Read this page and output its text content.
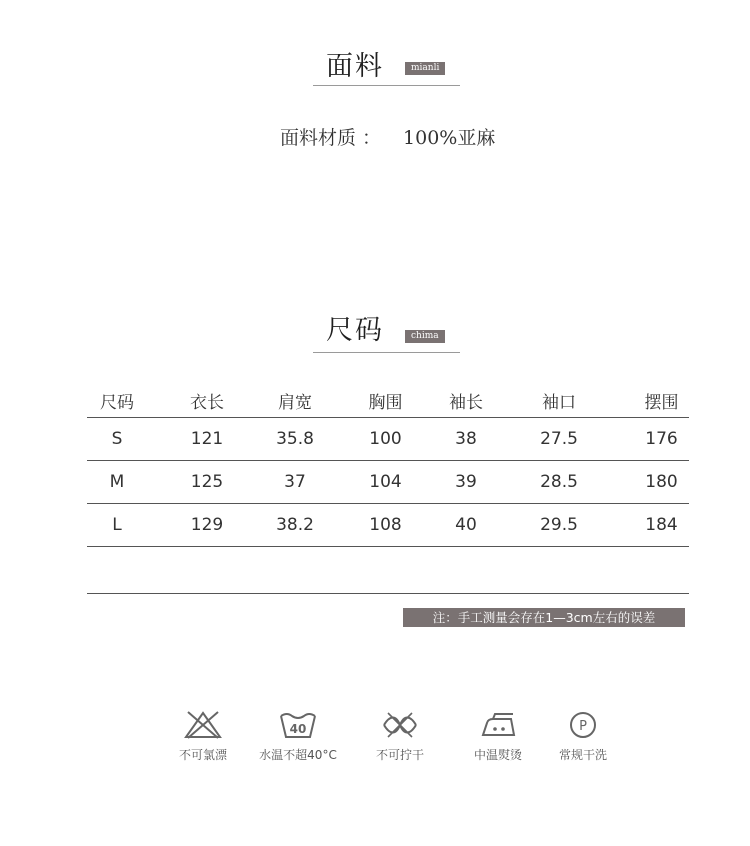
面料	mianli
面料材质 ： 100%亚麻
尺码	chima
尺码	衣长	肩宽	胸围	袖长	袖口	摆围
S	121	35.8	100	38	27.5	176
M	125	37	104	39	28.5	180
L	129	38.2	108	40	29.5	184
注：手工测量会存在1—3cm左右的误差
不可氯漂
40
水温不超40°C	不可拧干	中温熨烫
P
常规干洗
